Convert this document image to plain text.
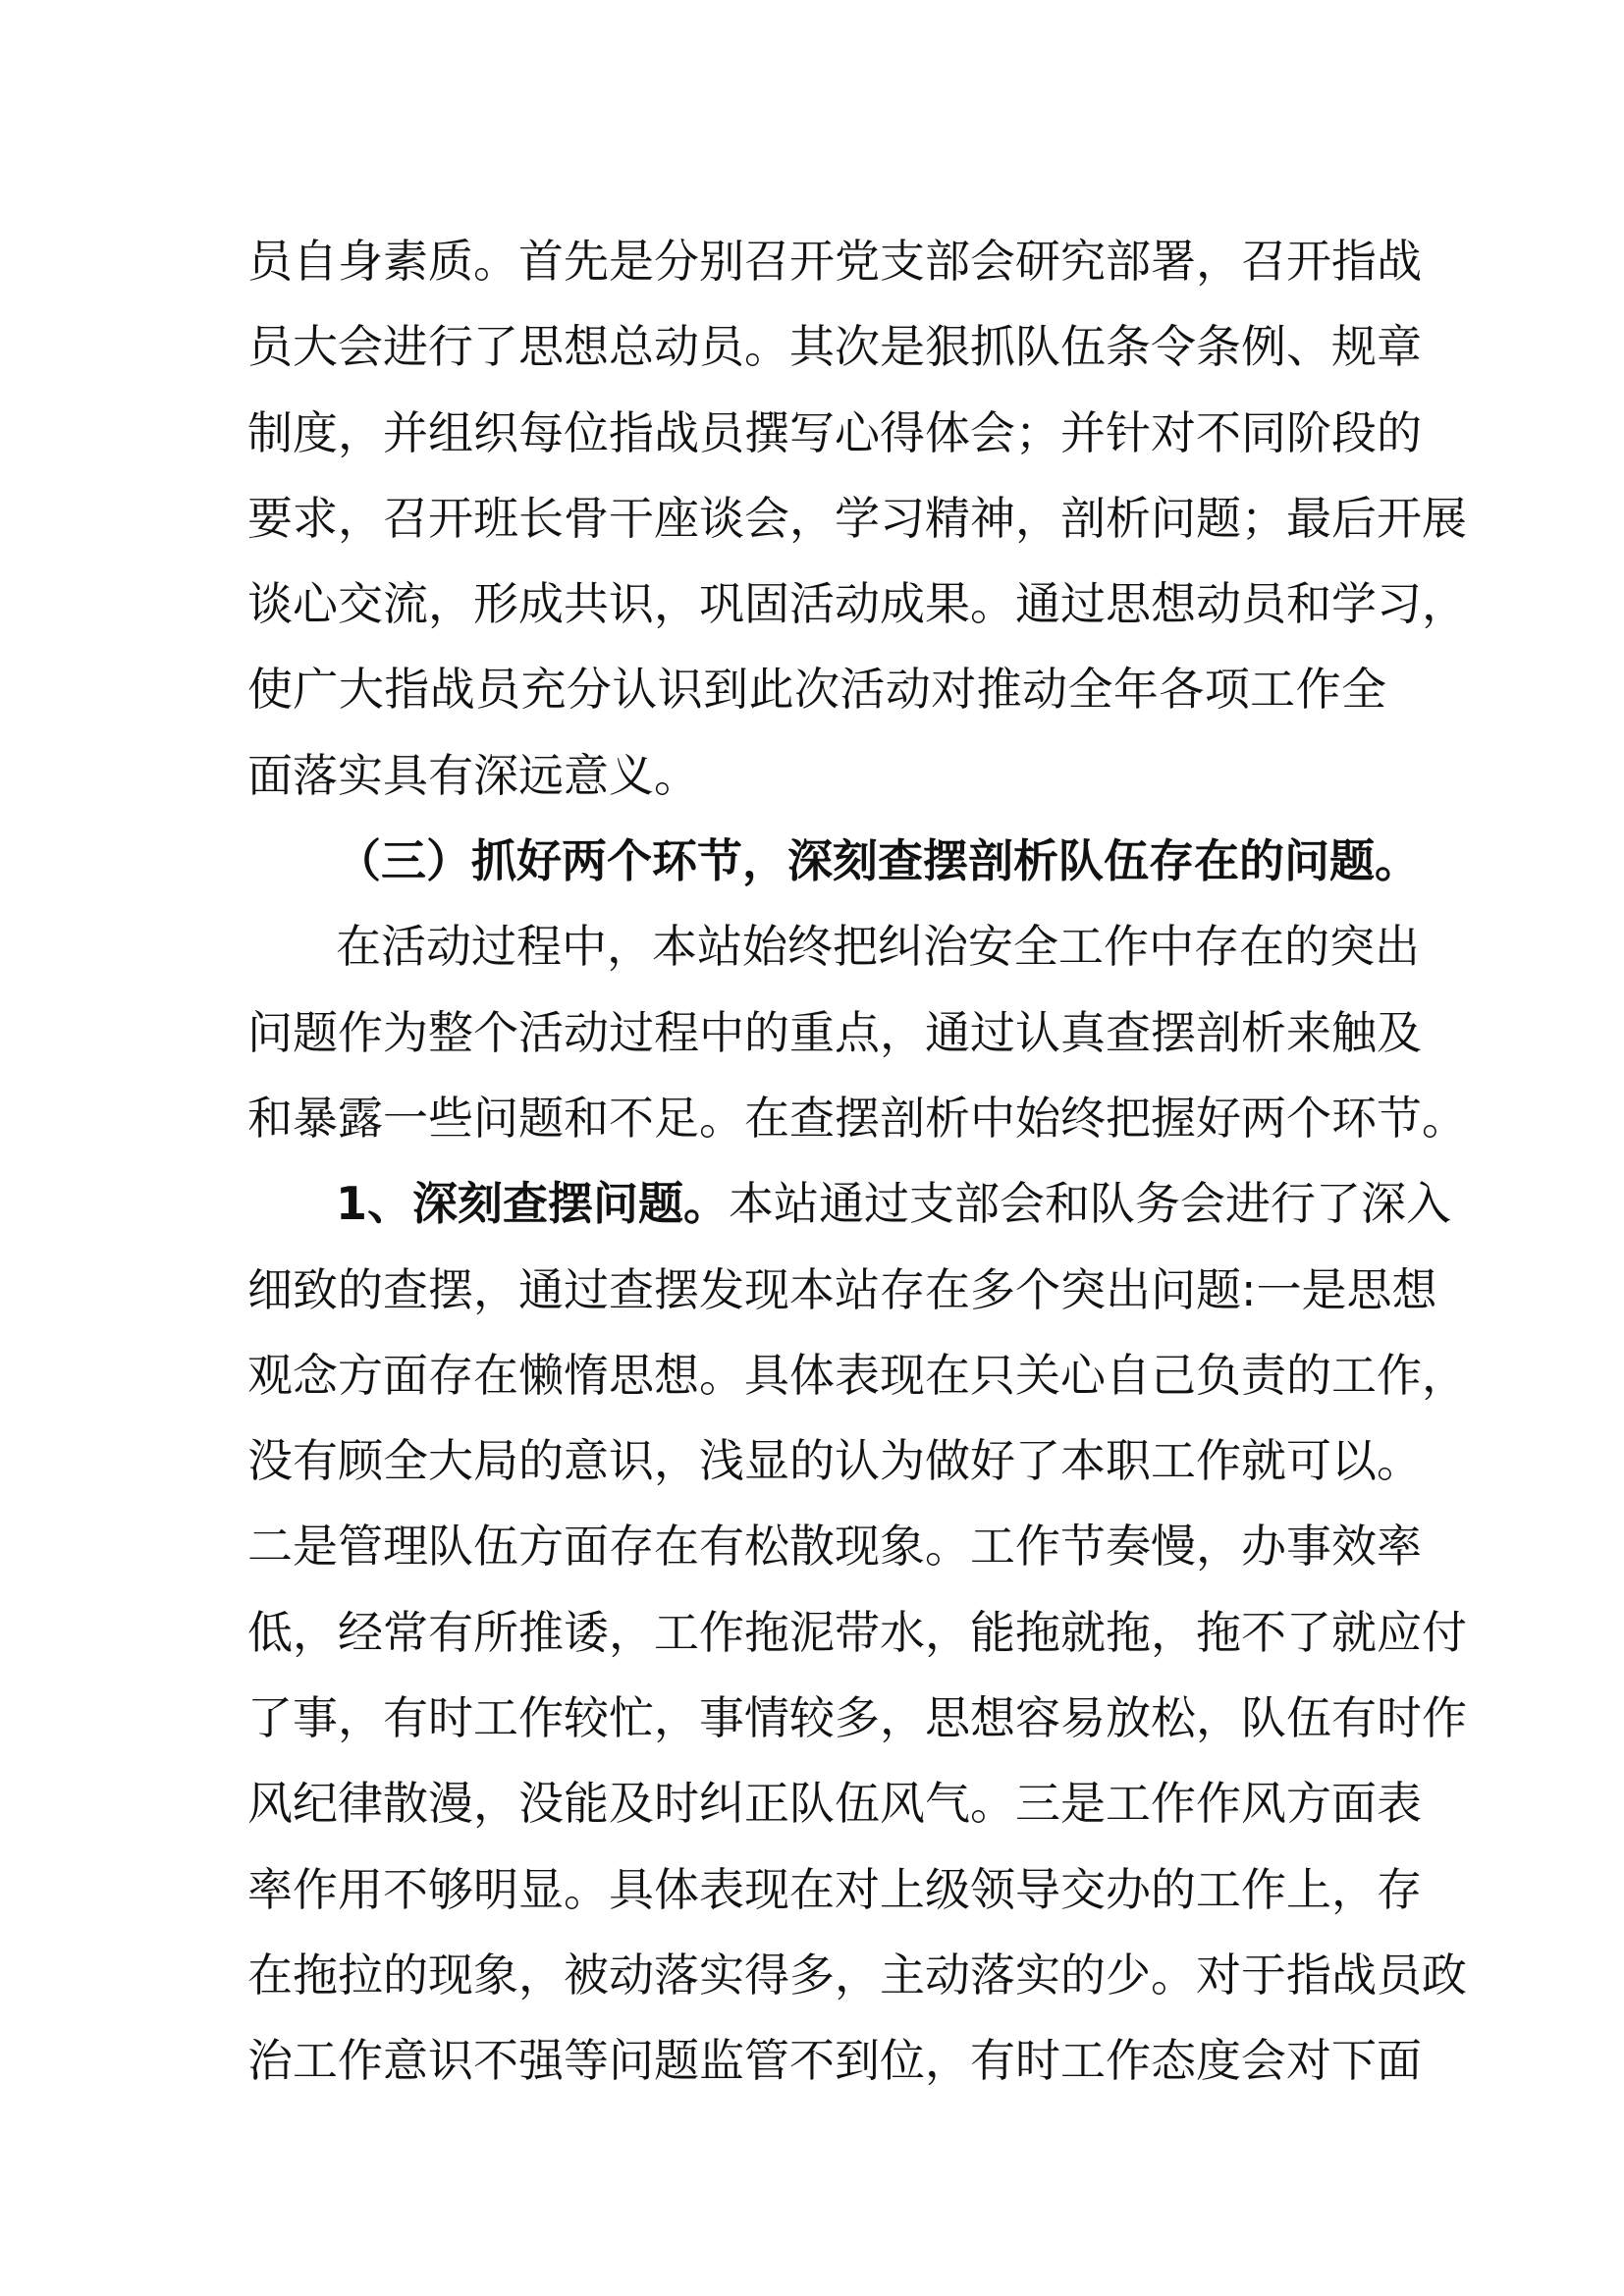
员自身素质。首先是分别召开党支部会研究部署，召开指战
员大会进行了思想总动员。其次是狠抓队伍条令条例、规章
制度，并组织每位指战员撰写心得体会；并针对不同阶段的
要求，召开班长骨干座谈会，学习精神，剖析问题；最后开展
谈心交流，形成共识，巩固活动成果。通过思想动员和学习，
使广大指战员充分认识到此次活动对推动全年各项工作全
面落实具有深远意义。
（三）抓好两个环节，深刻查摆剖析队伍存在的问题。
在活动过程中，本站始终把纠治安全工作中存在的突出
问题作为整个活动过程中的重点，通过认真查摆剖析来触及
和暴露一些问题和不足。在查摆剖析中始终把握好两个环节。
1、深刻查摆问题。本站通过支部会和队务会进行了深入
细致的查摆，通过查摆发现本站存在多个突出问题:一是思想
观念方面存在懒惰思想。具体表现在只关心自己负责的工作，
没有顾全大局的意识，浅显的认为做好了本职工作就可以。
二是管理队伍方面存在有松散现象。工作节奏慢，办事效率
低，经常有所推诿，工作拖泥带水，能拖就拖，拖不了就应付
了事，有时工作较忙，事情较多，思想容易放松，队伍有时作
风纪律散漫，没能及时纠正队伍风气。三是工作作风方面表
率作用不够明显。具体表现在对上级领导交办的工作上，存
在拖拉的现象，被动落实得多，主动落实的少。对于指战员政
治工作意识不强等问题监管不到位，有时工作态度会对下面
